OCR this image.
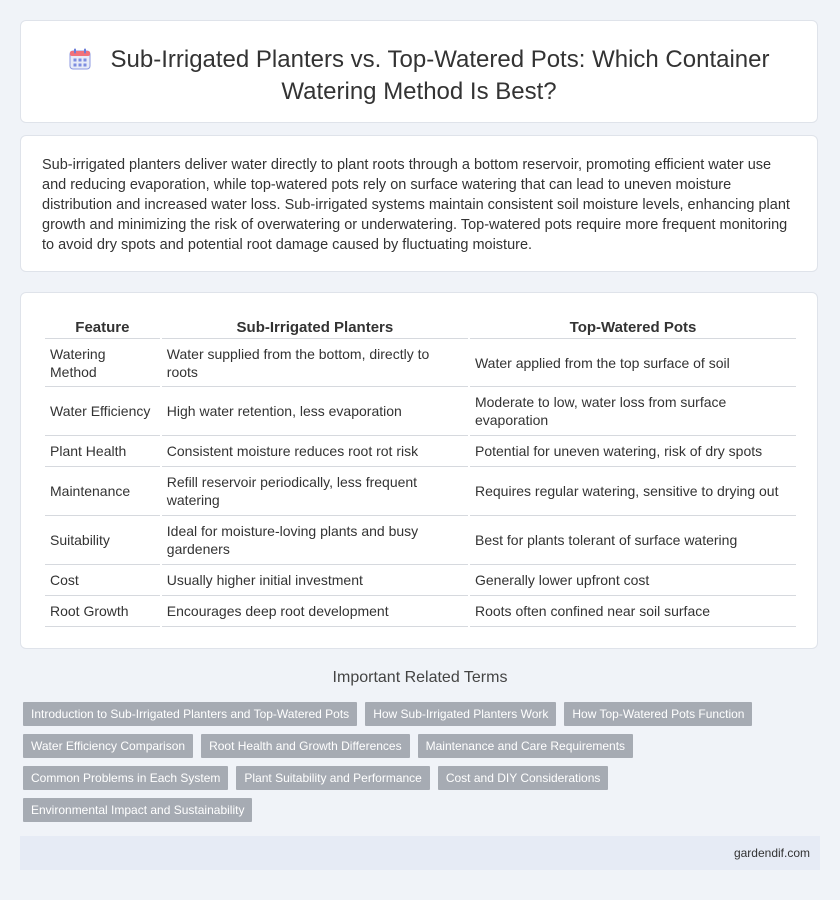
Sub-Irrigated Planters vs. Top-Watered Pots: Which Container Watering Method Is Best?
Sub-irrigated planters deliver water directly to plant roots through a bottom reservoir, promoting efficient water use and reducing evaporation, while top-watered pots rely on surface watering that can lead to uneven moisture distribution and increased water loss. Sub-irrigated systems maintain consistent soil moisture levels, enhancing plant growth and minimizing the risk of overwatering or underwatering. Top-watered pots require more frequent monitoring to avoid dry spots and potential root damage caused by fluctuating moisture.
Feature	Sub-Irrigated Planters	Top-Watered Pots
Watering Method	Water supplied from the bottom, directly to roots	Water applied from the top surface of soil
Water Efficiency	High water retention, less evaporation	Moderate to low, water loss from surface evaporation
Plant Health	Consistent moisture reduces root rot risk	Potential for uneven watering, risk of dry spots
Maintenance	Refill reservoir periodically, less frequent watering	Requires regular watering, sensitive to drying out
Suitability	Ideal for moisture-loving plants and busy gardeners	Best for plants tolerant of surface watering
Cost	Usually higher initial investment	Generally lower upfront cost
Root Growth	Encourages deep root development	Roots often confined near soil surface
Important Related Terms
Introduction to Sub-Irrigated Planters and Top-Watered Pots	How Sub-Irrigated Planters Work	How Top-Watered Pots Function
Water Efficiency Comparison	Root Health and Growth Differences	Maintenance and Care Requirements
Common Problems in Each System	Plant Suitability and Performance	Cost and DIY Considerations
Environmental Impact and Sustainability
gardendif.com
